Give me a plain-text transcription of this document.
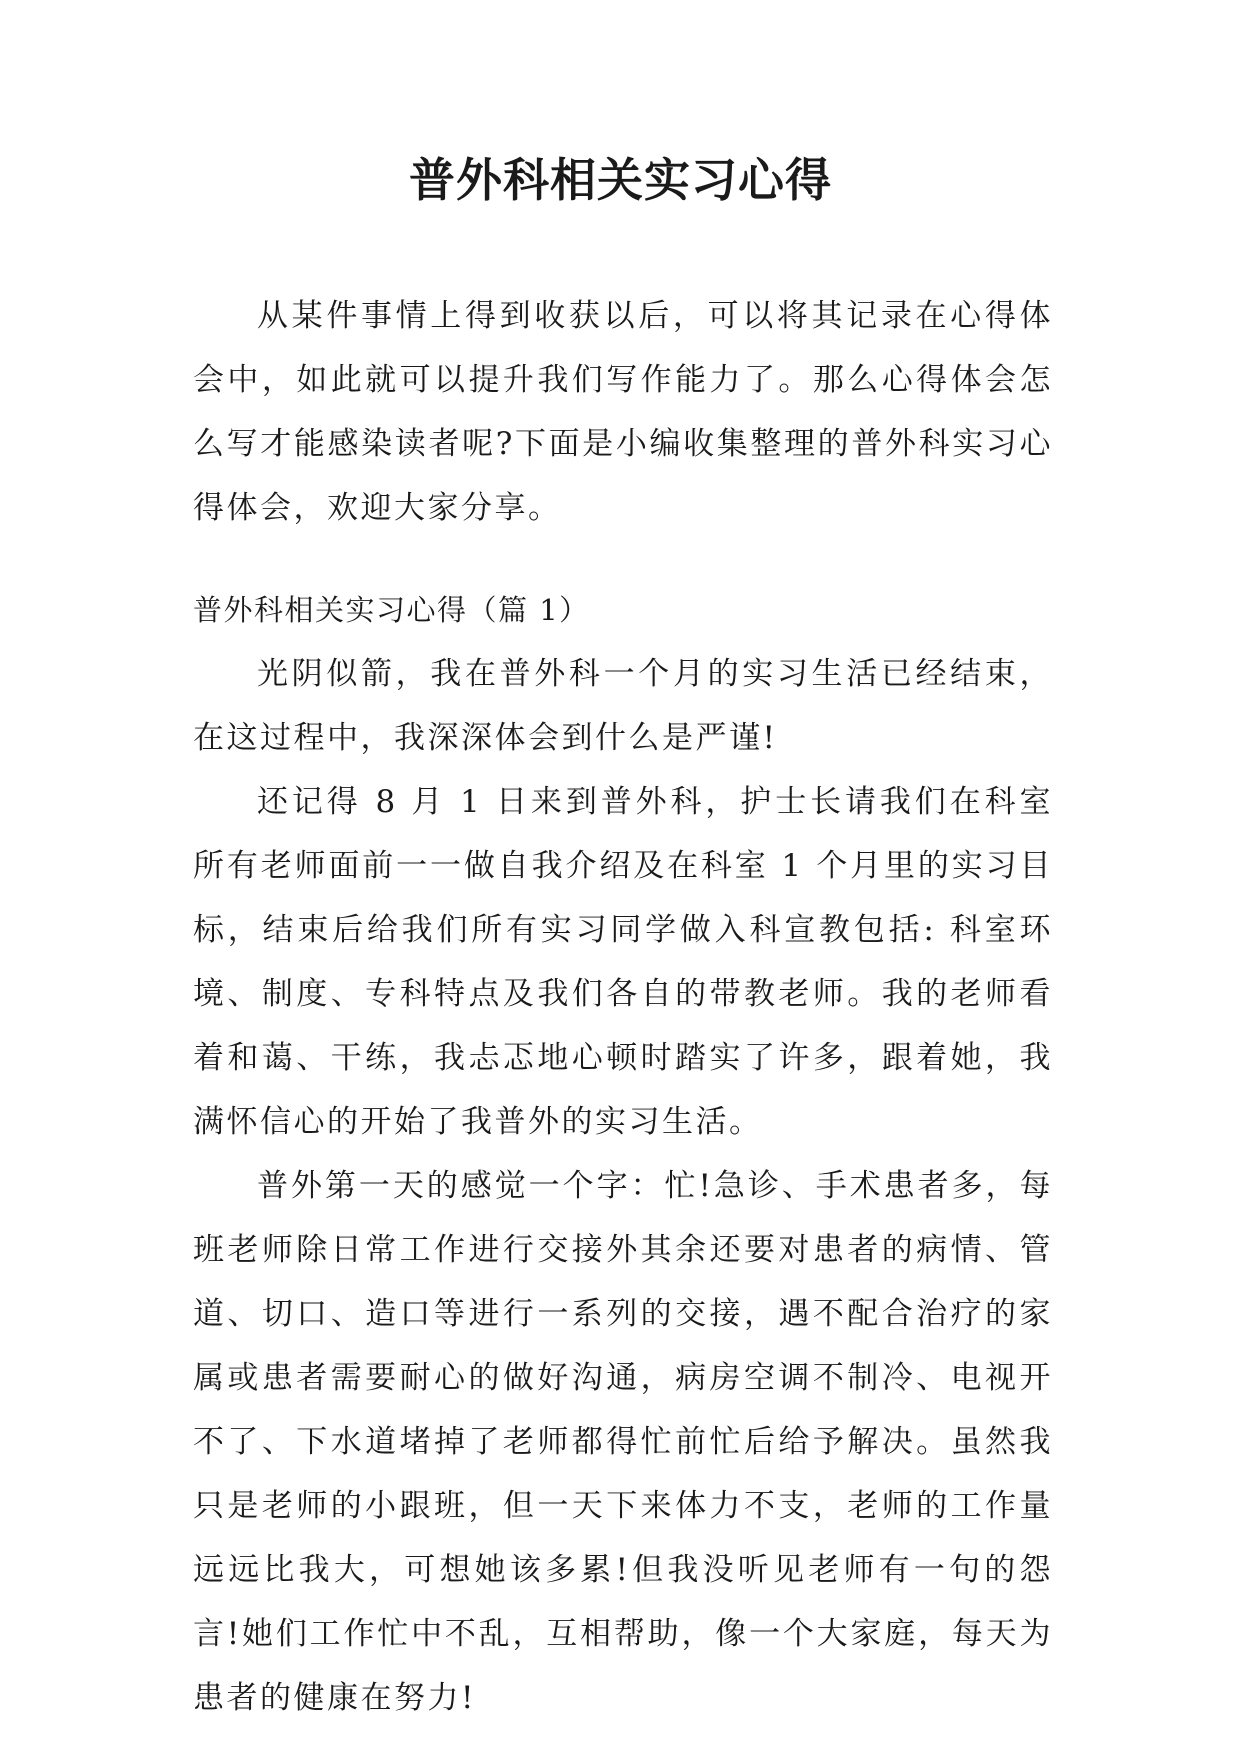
普外科相关实习心得

从某件事情上得到收获以后，可以将其记录在心得体会中，如此就可以提升我们写作能力了。那么心得体会怎么写才能感染读者呢?下面是小编收集整理的普外科实习心得体会，欢迎大家分享。

普外科相关实习心得（篇 1）

光阴似箭，我在普外科一个月的实习生活已经结束，在这过程中，我深深体会到什么是严谨!

还记得 8 月 1 日来到普外科，护士长请我们在科室所有老师面前一一做自我介绍及在科室 1 个月里的实习目标，结束后给我们所有实习同学做入科宣教包括: 科室环境、制度、专科特点及我们各自的带教老师。我的老师看着和蔼、干练，我忐忑地心顿时踏实了许多，跟着她，我满怀信心的开始了我普外的实习生活。

普外第一天的感觉一个字：忙!急诊、手术患者多，每班老师除日常工作进行交接外其余还要对患者的病情、管道、切口、造口等进行一系列的交接，遇不配合治疗的家属或患者需要耐心的做好沟通，病房空调不制冷、电视开不了、下水道堵掉了老师都得忙前忙后给予解决。虽然我只是老师的小跟班，但一天下来体力不支，老师的工作量远远比我大，可想她该多累!但我没听见老师有一句的怨言!她们工作忙中不乱，互相帮助，像一个大家庭，每天为患者的健康在努力!
